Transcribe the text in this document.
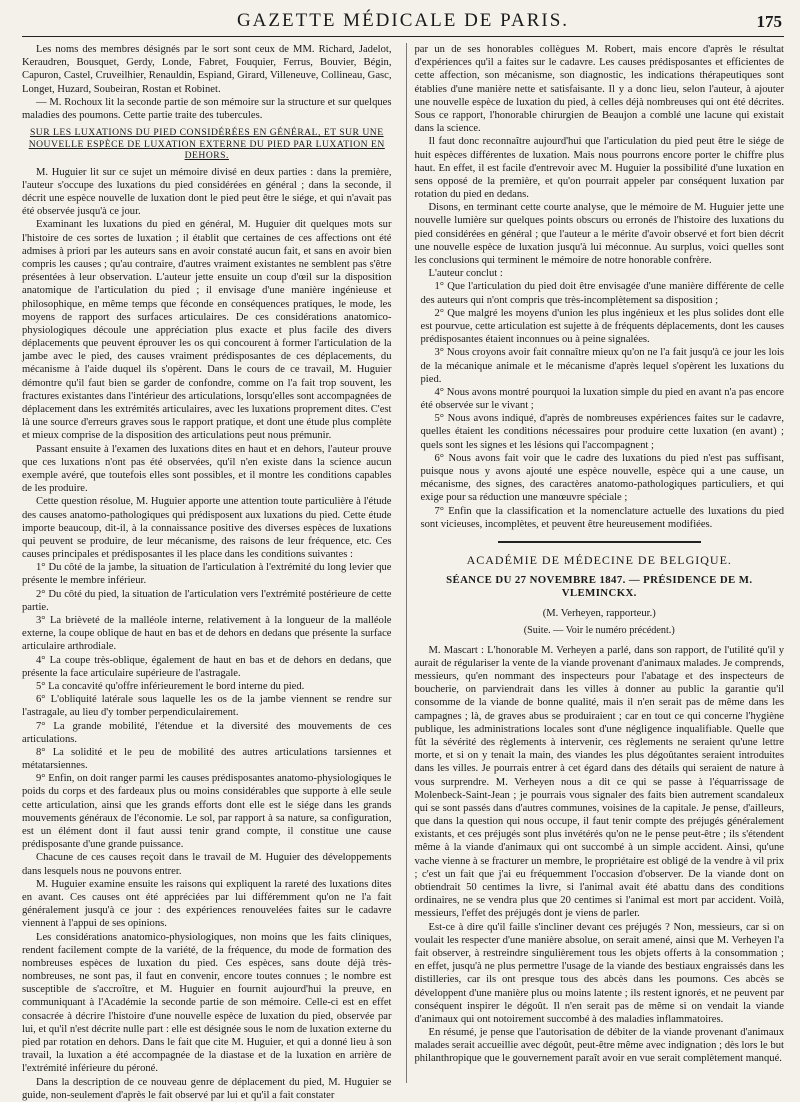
GAZETTE MÉDICALE DE PARIS.	175

Les noms des membres désignés par le sort sont ceux de MM. Richard, Jadelot, Keraudren, Bousquet, Gerdy, Londe, Fabret, Fouquier, Ferrus, Bouvier, Bégin, Capuron, Castel, Cruveilhier, Renauldin, Espiand, Girard, Villeneuve, Collineau, Gasc, Longet, Huzard, Soubeiran, Rostan et Robinet.

— M. Rochoux lit la seconde partie de son mémoire sur la structure et sur quelques maladies des poumons. Cette partie traite des tubercules.

SUR LES LUXATIONS DU PIED CONSIDÉRÉES EN GÉNÉRAL, ET SUR UNE NOUVELLE ESPÈCE DE LUXATION EXTERNE DU PIED PAR LUXATION EN DEHORS.

M. Huguier lit sur ce sujet un mémoire divisé en deux parties : dans la première, l'auteur s'occupe des luxations du pied considérées en général ; dans la seconde, il décrit une espèce nouvelle de luxation dont le pied peut être le siége, et qui n'avait pas été observée jusqu'à ce jour.

Examinant les luxations du pied en général, M. Huguier dit quelques mots sur l'histoire de ces sortes de luxation ; il établit que certaines de ces affections ont été admises à priori par les auteurs sans en avoir constaté aucun fait, et sans en avoir bien compris les causes ; qu'au contraire, d'autres vraiment existantes ne semblent pas s'être présentées à leur observation. L'auteur jette ensuite un coup d'œil sur la disposition anatomique de l'articulation du pied ; il envisage d'une manière ingénieuse et philosophique, en même temps que féconde en conséquences pratiques, le mode, les moyens de rapport des surfaces articulaires. De ces considérations anatomico-physiologiques découle une appréciation plus exacte et plus facile des divers déplacements que peuvent éprouver les os qui concourent à former l'articulation de la jambe avec le pied, des causes vraiment prédisposantes de ces déplacements, du mécanisme à l'aide duquel ils s'opèrent. Dans le cours de ce travail, M. Huguier démontre qu'il faut bien se garder de confondre, comme on l'a fait trop souvent, les fractures existantes dans l'intérieur des articulations, lorsqu'elles sont accompagnées de déplacement dans les extrémités articulaires, avec les luxations proprement dites. C'est là une source d'erreurs graves sous le rapport pratique, et dont une étude plus complète et mieux comprise de la disposition des articulations peut nous prémunir.

Passant ensuite à l'examen des luxations dites en haut et en dehors, l'auteur prouve que ces luxations n'ont pas été observées, qu'il n'en existe dans la science aucun exemple avéré, que toutefois elles sont possibles, et il montre les conditions capables de les produire.

Cette question résolue, M. Huguier apporte une attention toute particulière à l'étude des causes anatomo-pathologiques qui prédisposent aux luxations du pied. Cette étude importe beaucoup, dit-il, à la connaissance positive des diverses espèces de luxations qui peuvent se produire, de leur mécanisme, des raisons de leur fréquence, etc. Ces causes principales et prédisposantes il les place dans les conditions suivantes :

1° Du côté de la jambe, la situation de l'articulation à l'extrémité du long levier que présente le membre inférieur.

2° Du côté du pied, la situation de l'articulation vers l'extrémité postérieure de cette partie.

3° La brièveté de la malléole interne, relativement à la longueur de la malléole externe, la coupe oblique de haut en bas et de dehors en dedans que présente la surface articulaire arthrodiale.

4° La coupe très-oblique, également de haut en bas et de dehors en dedans, que présente la face articulaire supérieure de l'astragale.

5° La concavité qu'offre inférieurement le bord interne du pied.

6° L'obliquité latérale sous laquelle les os de la jambe viennent se rendre sur l'astragale, au lieu d'y tomber perpendiculairement.

7° La grande mobilité, l'étendue et la diversité des mouvements de ces articulations.

8° La solidité et le peu de mobilité des autres articulations tarsiennes et métatarsiennes.

9° Enfin, on doit ranger parmi les causes prédisposantes anatomo-physiologiques le poids du corps et des fardeaux plus ou moins considérables que supporte à elle seule cette articulation, ainsi que les grands efforts dont elle est le siége dans les grands mouvements généraux de l'économie. Le sol, par rapport à sa nature, sa configuration, est un élément dont il faut aussi tenir grand compte, il constitue une cause prédisposante d'une grande puissance.

Chacune de ces causes reçoit dans le travail de M. Huguier des développements dans lesquels nous ne pouvons entrer.

M. Huguier examine ensuite les raisons qui expliquent la rareté des luxations dites en avant. Ces causes ont été appréciées par lui différemment qu'on ne l'a fait généralement jusqu'à ce jour : des expériences renouvelées faites sur le cadavre viennent à l'appui de ses opinions.

Les considérations anatomico-physiologiques, non moins que les faits cliniques, rendent facilement compte de la variété, de la fréquence, du mode de formation des nombreuses espèces de luxation du pied. Ces espèces, sans doute déjà très-nombreuses, ne sont pas, il faut en convenir, encore toutes connues ; le nombre est susceptible de s'accroître, et M. Huguier en fournit aujourd'hui la preuve, en communiquant à l'Académie la seconde partie de son mémoire. Celle-ci est en effet consacrée à décrire l'histoire d'une nouvelle espèce de luxation du pied, observée par lui, et qu'il n'est décrite nulle part : elle est désignée sous le nom de luxation externe du pied par rotation en dehors. Dans le fait que cite M. Huguier, et qui a donné lieu à son travail, la luxation a été accompagnée de la diastase et de la luxation en arrière de l'extrémité inférieure du péroné.

Dans la description de ce nouveau genre de déplacement du pied, M. Huguier se guide, non-seulement d'après le fait observé par lui et qu'il a fait constater

par un de ses honorables collègues M. Robert, mais encore d'après le résultat d'expériences qu'il a faites sur le cadavre. Les causes prédisposantes et efficientes de cette affection, son mécanisme, son diagnostic, les indications thérapeutiques sont établies d'une manière nette et satisfaisante. Il y a donc lieu, selon l'auteur, à ajouter une nouvelle espèce de luxation du pied, à celles déjà nombreuses qui ont été décrites. Sous ce rapport, l'honorable chirurgien de Beaujon a comblé une lacune qui existait dans la science.

Il faut donc reconnaître aujourd'hui que l'articulation du pied peut être le siége de huit espèces différentes de luxation. Mais nous pourrons encore porter le chiffre plus haut. En effet, il est facile d'entrevoir avec M. Huguier la possibilité d'une luxation en sens opposé de la première, et qu'on pourrait appeler par conséquent luxation par rotation du pied en dedans.

Disons, en terminant cette courte analyse, que le mémoire de M. Huguier jette une nouvelle lumière sur quelques points obscurs ou erronés de l'histoire des luxations du pied considérées en général ; que l'auteur a le mérite d'avoir observé et fort bien décrit une nouvelle espèce de luxation jusqu'à lui méconnue. Au surplus, voici quelles sont les conclusions qui terminent le mémoire de notre honorable confrère.

L'auteur conclut :

1° Que l'articulation du pied doit être envisagée d'une manière différente de celle des auteurs qui n'ont compris que très-incomplètement sa disposition ;

2° Que malgré les moyens d'union les plus ingénieux et les plus solides dont elle est pourvue, cette articulation est sujette à de fréquents déplacements, dont les causes prédisposantes étaient inconnues ou à peine signalées.

3° Nous croyons avoir fait connaître mieux qu'on ne l'a fait jusqu'à ce jour les lois de la mécanique animale et le mécanisme d'après lequel s'opèrent les luxations du pied.

4° Nous avons montré pourquoi la luxation simple du pied en avant n'a pas encore été observée sur le vivant ;

5° Nous avons indiqué, d'après de nombreuses expériences faites sur le cadavre, quelles étaient les conditions nécessaires pour produire cette luxation (en avant) ; quels sont les signes et les lésions qui l'accompagnent ;

6° Nous avons fait voir que le cadre des luxations du pied n'est pas suffisant, puisque nous y avons ajouté une espèce nouvelle, espèce qui a une cause, un mécanisme, des signes, des caractères anatomo-pathologiques particuliers, et qui exige pour sa réduction une manœuvre spéciale ;

7° Enfin que la classification et la nomenclature actuelle des luxations du pied sont vicieuses, incomplètes, et peuvent être heureusement modifiées.

ACADÉMIE DE MÉDECINE DE BELGIQUE.
SÉANCE DU 27 NOVEMBRE 1847. — PRÉSIDENCE DE M. VLEMINCKX.
(M. Verheyen, rapporteur.)
(Suite. — Voir le numéro précédent.)

M. Mascart : L'honorable M. Verheyen a parlé, dans son rapport, de l'utilité qu'il y aurait de régulariser la vente de la viande provenant d'animaux malades. Je comprends, messieurs, qu'en nommant des inspecteurs pour l'abatage et des inspecteurs de boucherie, on parviendrait dans les villes à donner au public la garantie qu'il consomme de la viande de bonne qualité, mais il n'en serait pas de même dans les campagnes ; là, de graves abus se produiraient ; car en tout ce qui concerne l'hygiène publique, les administrations locales sont d'une négligence inqualifiable. Quelle que fût la sévérité des règlements à intervenir, ces règlements ne seraient qu'une lettre morte, et si on y tenait la main, des viandes les plus dégoûtantes seraient introduites dans les villes. Je pourrais entrer à cet égard dans des détails qui seraient de nature à vous surprendre. M. Verheyen nous a dit ce qui se passe à l'équarrissage de Molenbeck-Saint-Jean ; je pourrais vous signaler des faits bien autrement scandaleux qui se sont passés dans d'autres communes, voisines de la capitale. Je pense, d'ailleurs, que dans la question qui nous occupe, il faut tenir compte des préjugés généralement existants, et ces préjugés sont plus invétérés qu'on ne le pense peut-être ; ils s'étendent même à la viande d'animaux qui ont succombé à un simple accident. Ainsi, qu'une vache vienne à se fracturer un membre, le propriétaire est obligé de la vendre à vil prix ; c'est un fait que j'ai eu fréquemment l'occasion d'observer. De la viande dont on obtiendrait 50 centimes la livre, si l'animal avait été abattu dans des conditions ordinaires, ne se vendra plus que 20 centimes si l'animal est mort par accident. Voilà, messieurs, l'effet des préjugés dont je viens de parler.

Est-ce à dire qu'il faille s'incliner devant ces préjugés ? Non, messieurs, car si on voulait les respecter d'une manière absolue, on serait amené, ainsi que M. Verheyen l'a fait observer, à restreindre singulièrement tous les objets offerts à la consommation ; en effet, jusqu'à ne plus permettre l'usage de la viande des bestiaux engraissés dans les distilleries, car ils ont presque tous des abcès dans les poumons. Ces abcès se développent d'une manière plus ou moins latente ; ils restent ignorés, et ne peuvent par conséquent inspirer le dégoût. Il n'en serait pas de même si on vendait la viande d'animaux qui ont notoirement succombé à des maladies inflammatoires.

En résumé, je pense que l'autorisation de débiter de la viande provenant d'animaux malades serait accueillie avec dégoût, peut-être même avec indignation ; dès lors le but philanthropique que le gouvernement paraît avoir en vue serait complètement manqué.
